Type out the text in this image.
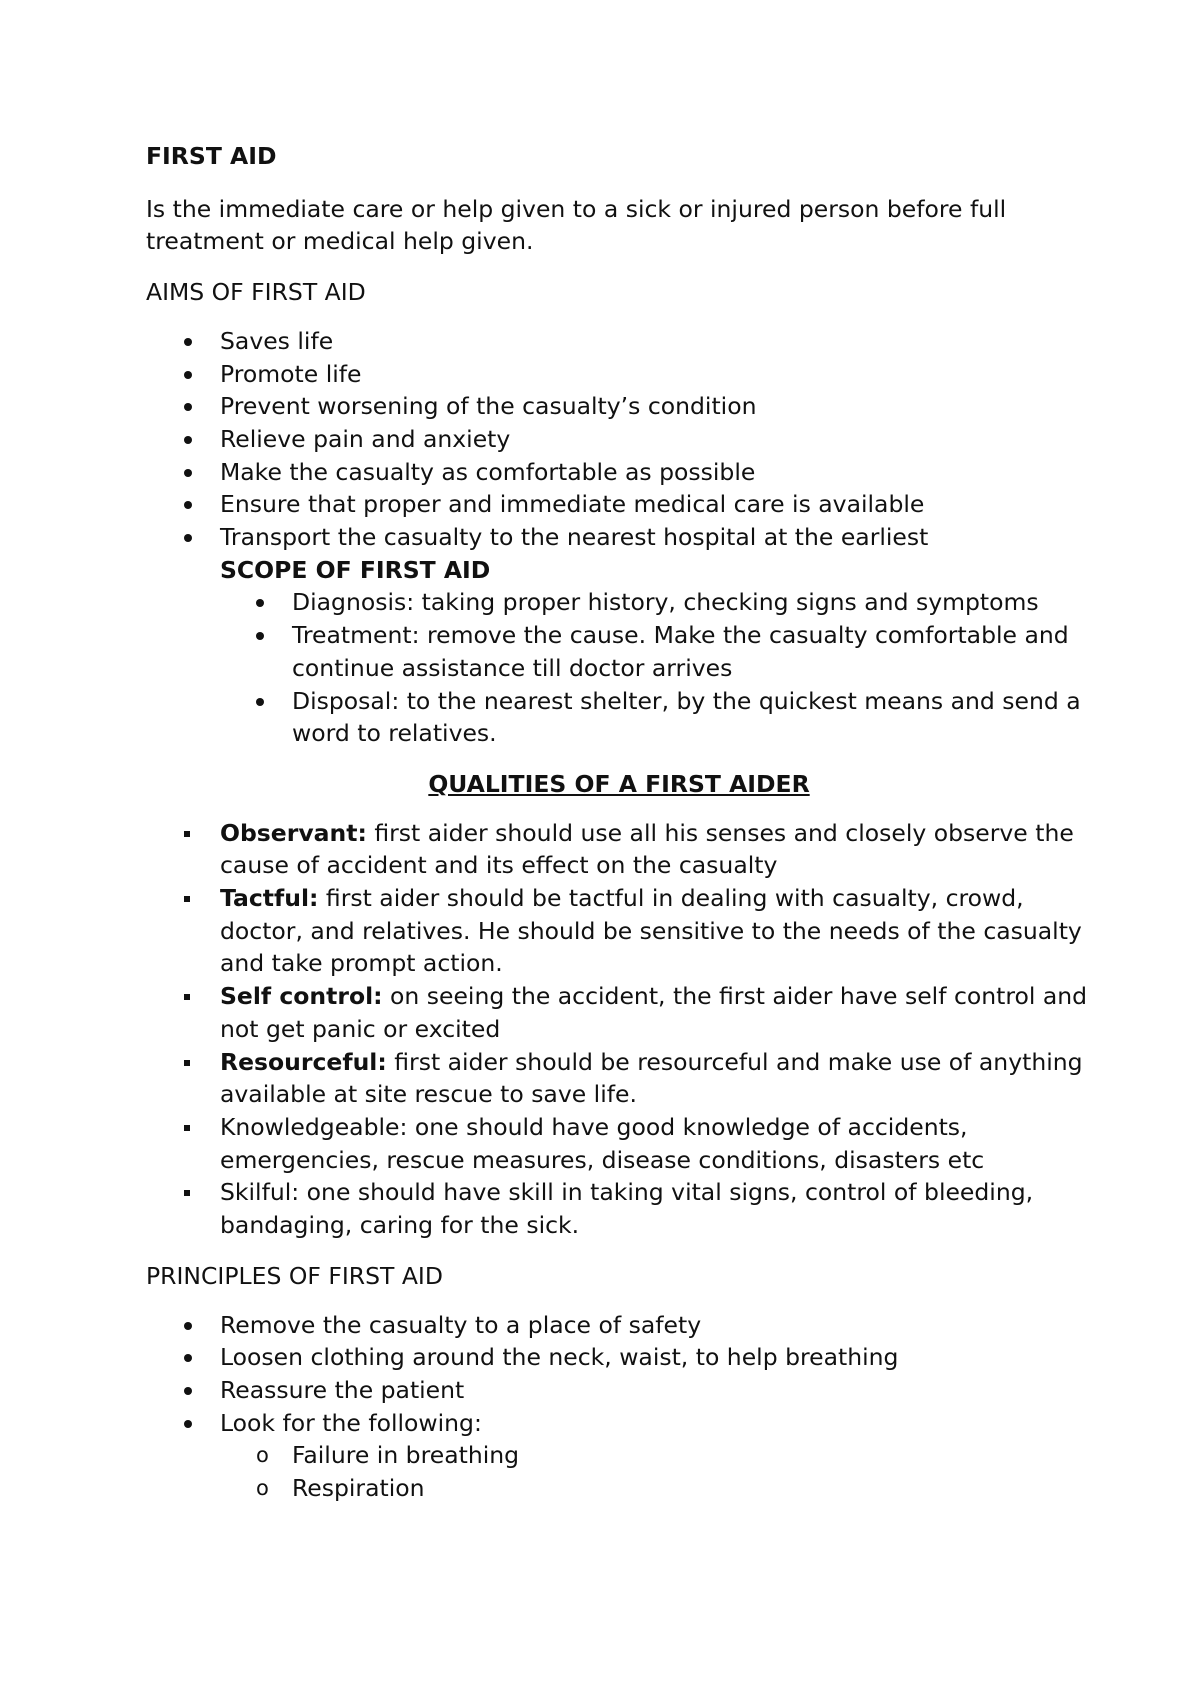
FIRST AID
Is the immediate care or help given to a sick or injured person before full treatment or medical help given.
AIMS OF FIRST AID
Saves life
Promote life
Prevent worsening of the casualty’s condition
Relieve pain and anxiety
Make the casualty as comfortable as possible
Ensure that proper and immediate medical care is available
Transport the casualty to the nearest hospital at the earliest
SCOPE OF FIRST AID
Diagnosis: taking proper history, checking signs and symptoms
Treatment: remove the cause. Make the casualty comfortable and continue assistance till doctor arrives
Disposal: to the nearest shelter, by the quickest means and send a word to relatives.
QUALITIES OF A FIRST AIDER
Observant: first aider should use all his senses and closely observe the cause of accident and its effect on the casualty
Tactful: first aider should be tactful in dealing with casualty, crowd, doctor, and relatives. He should be sensitive to the needs of the casualty and take prompt action.
Self control: on seeing the accident, the first aider have self control and not get panic or excited
Resourceful: first aider should be resourceful and make use of anything available at site rescue to save life.
Knowledgeable: one should have good knowledge of accidents, emergencies, rescue measures, disease conditions, disasters etc
Skilful: one should have skill in taking vital signs, control of bleeding, bandaging, caring for the sick.
PRINCIPLES OF FIRST AID
Remove the casualty to a place of safety
Loosen clothing around the neck, waist, to help breathing
Reassure the patient
Look for the following:
o Failure in breathing
o Respiration
